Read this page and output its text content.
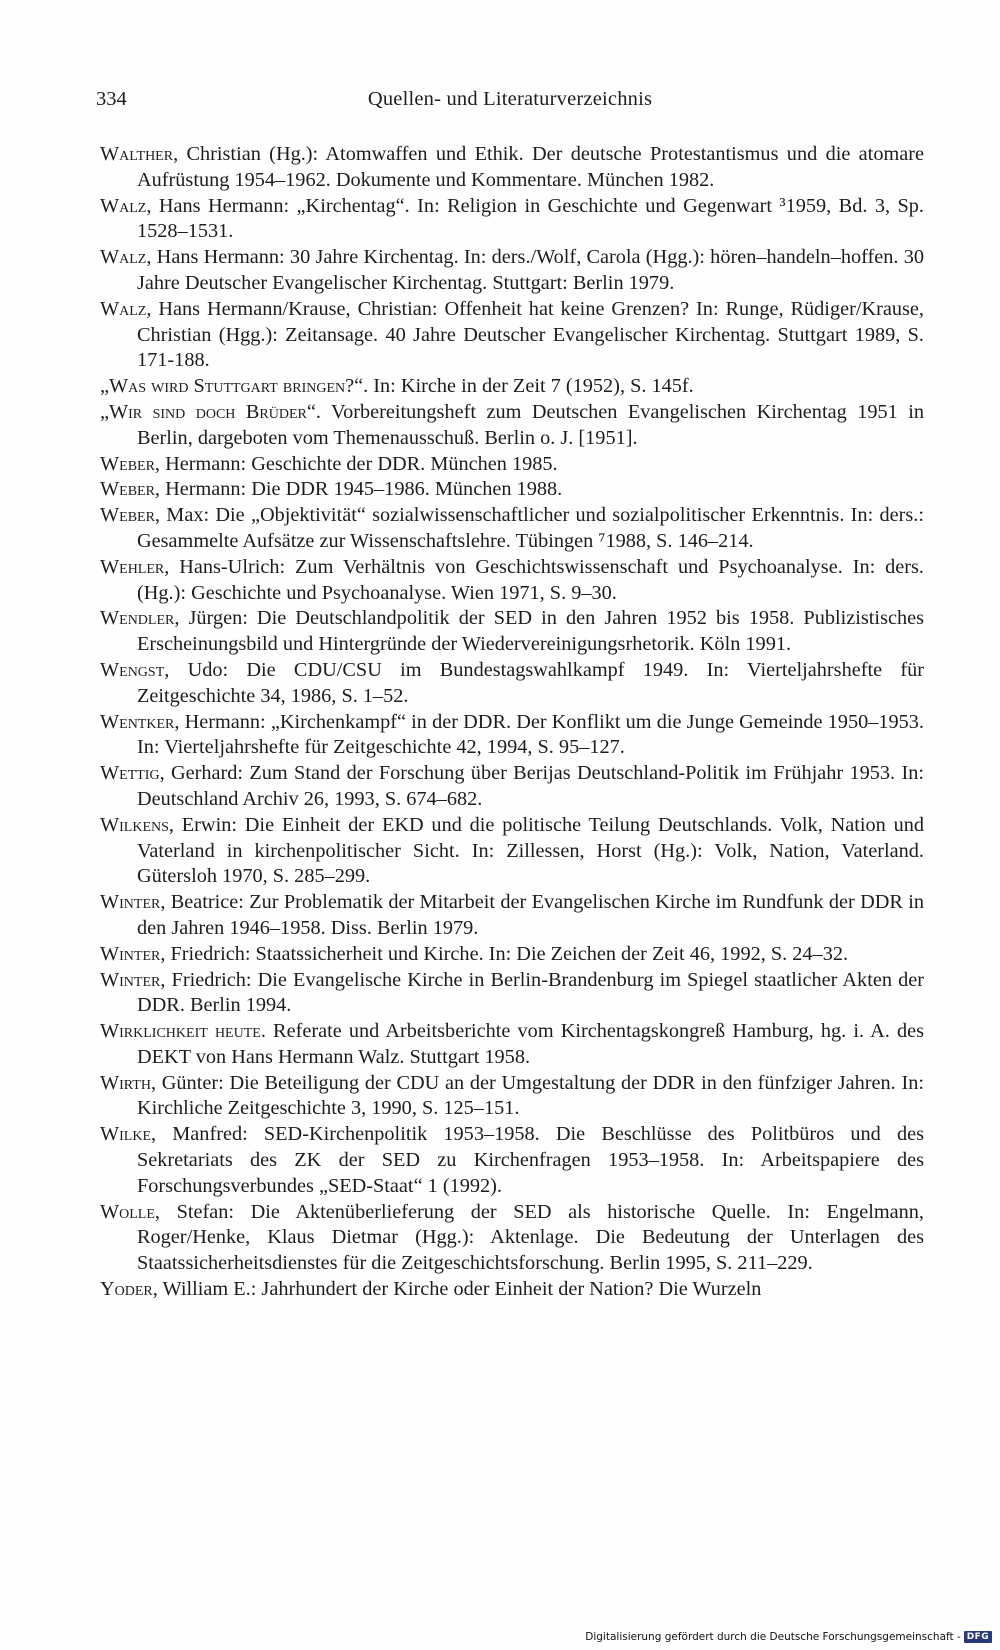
334	Quellen- und Literaturverzeichnis

Walther, Christian (Hg.): Atomwaffen und Ethik. Der deutsche Protestantismus und die atomare Aufrüstung 1954–1962. Dokumente und Kommentare. München 1982.

Walz, Hans Hermann: „Kirchentag“. In: Religion in Geschichte und Gegenwart ³1959, Bd. 3, Sp. 1528–1531.

Walz, Hans Hermann: 30 Jahre Kirchentag. In: ders./Wolf, Carola (Hgg.): hören–handeln–hoffen. 30 Jahre Deutscher Evangelischer Kirchentag. Stuttgart: Berlin 1979.

Walz, Hans Hermann/Krause, Christian: Offenheit hat keine Grenzen? In: Runge, Rüdiger/Krause, Christian (Hgg.): Zeitansage. 40 Jahre Deutscher Evangelischer Kirchentag. Stuttgart 1989, S. 171-188.

„Was wird Stuttgart bringen?“. In: Kirche in der Zeit 7 (1952), S. 145f.

„Wir sind doch Brüder“. Vorbereitungsheft zum Deutschen Evangelischen Kirchentag 1951 in Berlin, dargeboten vom Themenausschuß. Berlin o. J. [1951].

Weber, Hermann: Geschichte der DDR. München 1985.

Weber, Hermann: Die DDR 1945–1986. München 1988.

Weber, Max: Die „Objektivität“ sozialwissenschaftlicher und sozialpolitischer Erkenntnis. In: ders.: Gesammelte Aufsätze zur Wissenschaftslehre. Tübingen ⁷1988, S. 146–214.

Wehler, Hans-Ulrich: Zum Verhältnis von Geschichtswissenschaft und Psychoanalyse. In: ders. (Hg.): Geschichte und Psychoanalyse. Wien 1971, S. 9–30.

Wendler, Jürgen: Die Deutschlandpolitik der SED in den Jahren 1952 bis 1958. Publizistisches Erscheinungsbild und Hintergründe der Wiedervereinigungsrhetorik. Köln 1991.

Wengst, Udo: Die CDU/CSU im Bundestagswahlkampf 1949. In: Vierteljahrshefte für Zeitgeschichte 34, 1986, S. 1–52.

Wentker, Hermann: „Kirchenkampf“ in der DDR. Der Konflikt um die Junge Gemeinde 1950–1953. In: Vierteljahrshefte für Zeitgeschichte 42, 1994, S. 95–127.

Wettig, Gerhard: Zum Stand der Forschung über Berijas Deutschland-Politik im Frühjahr 1953. In: Deutschland Archiv 26, 1993, S. 674–682.

Wilkens, Erwin: Die Einheit der EKD und die politische Teilung Deutschlands. Volk, Nation und Vaterland in kirchenpolitischer Sicht. In: Zillessen, Horst (Hg.): Volk, Nation, Vaterland. Gütersloh 1970, S. 285–299.

Winter, Beatrice: Zur Problematik der Mitarbeit der Evangelischen Kirche im Rundfunk der DDR in den Jahren 1946–1958. Diss. Berlin 1979.

Winter, Friedrich: Staatssicherheit und Kirche. In: Die Zeichen der Zeit 46, 1992, S. 24–32.

Winter, Friedrich: Die Evangelische Kirche in Berlin-Brandenburg im Spiegel staatlicher Akten der DDR. Berlin 1994.

Wirklichkeit heute. Referate und Arbeitsberichte vom Kirchentagskongreß Hamburg, hg. i. A. des DEKT von Hans Hermann Walz. Stuttgart 1958.

Wirth, Günter: Die Beteiligung der CDU an der Umgestaltung der DDR in den fünfziger Jahren. In: Kirchliche Zeitgeschichte 3, 1990, S. 125–151.

Wilke, Manfred: SED-Kirchenpolitik 1953–1958. Die Beschlüsse des Politbüros und des Sekretariats des ZK der SED zu Kirchenfragen 1953–1958. In: Arbeitspapiere des Forschungsverbundes „SED-Staat“ 1 (1992).

Wolle, Stefan: Die Aktenüberlieferung der SED als historische Quelle. In: Engelmann, Roger/Henke, Klaus Dietmar (Hgg.): Aktenlage. Die Bedeutung der Unterlagen des Staatssicherheitsdienstes für die Zeitgeschichtsforschung. Berlin 1995, S. 211–229.

Yoder, William E.: Jahrhundert der Kirche oder Einheit der Nation? Die Wurzeln

Digitalisierung gefördert durch die Deutsche Forschungsgemeinschaft - DFG
